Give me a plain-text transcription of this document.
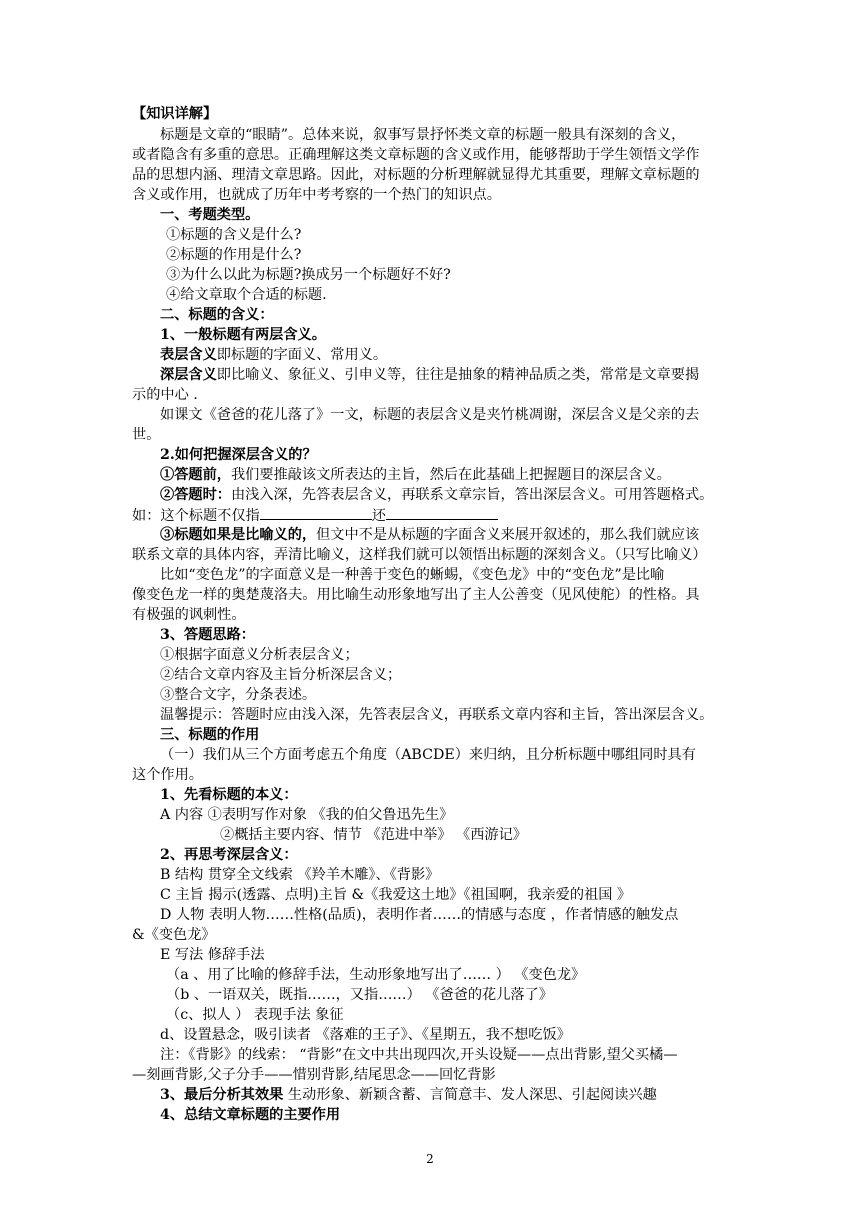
【知识详解】
标题是文章的“眼睛”。总体来说，叙事写景抒怀类文章的标题一般具有深刻的含义，
或者隐含有多重的意思。正确理解这类文章标题的含义或作用，能够帮助于学生领悟文学作
品的思想内涵、理清文章思路。因此，对标题的分析理解就显得尤其重要，理解文章标题的
含义或作用，也就成了历年中考考察的一个热门的知识点。
一、考题类型。
①标题的含义是什么?
②标题的作用是什么?
③为什么以此为标题?换成另一个标题好不好?
④给文章取个合适的标题.
二、标题的含义：
1、一般标题有两层含义。
表层含义即标题的字面义、常用义。
深层含义即比喻义、象征义、引申义等，往往是抽象的精神品质之类，常常是文章要揭
示的中心 .
如课文《爸爸的花儿落了》一文，标题的表层含义是夹竹桃凋谢，深层含义是父亲的去
世。
2.如何把握深层含义的？
①答题前，我们要推敲该文所表达的主旨，然后在此基础上把握题目的深层含义。
②答题时：由浅入深，先答表层含义，再联系文章宗旨，答出深层含义。可用答题格式。
如：这个标题不仅指	还
③标题如果是比喻义的，但文中不是从标题的字面含义来展开叙述的，那么我们就应该
联系文章的具体内容，弄清比喻义，这样我们就可以领悟出标题的深刻含义。（只写比喻义）
比如“变色龙”的字面意义是一种善于变色的蜥蜴，《变色龙》中的“变色龙”是比喻
像变色龙一样的奥楚蔑洛夫。用比喻生动形象地写出了主人公善变（见风使舵）的性格。具
有极强的讽刺性。
3、答题思路：
①根据字面意义分析表层含义；
②结合文章内容及主旨分析深层含义；
③整合文字，分条表述。
温馨提示：答题时应由浅入深，先答表层含义，再联系文章内容和主旨，答出深层含义。
三、标题的作用
（一）我们从三个方面考虑五个角度（ABCDE）来归纳，且分析标题中哪组同时具有
这个作用。
1、先看标题的本义：
A 内容 ①表明写作对象 《我的伯父鲁迅先生》
②概括主要内容、情节 《范进中举》 《西游记》
2、再思考深层含义：
B 结构 贯穿全文线索 《羚羊木雕》、《背影》
C 主旨 揭示(透露、点明)主旨 &《我爱这土地》《祖国啊，我亲爱的祖国 》
D 人物 表明人物……性格(品质)，表明作者……的情感与态度 ，作者情感的触发点
&《变色龙》
E 写法 修辞手法
（a 、用了比喻的修辞手法，生动形象地写出了…… ） 《变色龙》
（b 、一语双关，既指……，又指……） 《爸爸的花儿落了》
（c、拟人 ） 表现手法 象征
d、设置悬念，吸引读者 《落难的王子》、《星期五，我不想吃饭》
注：《背影》的线索： “背影”在文中共出现四次,开头设疑——点出背影,望父买橘—
—刻画背影,父子分手——惜别背影,结尾思念——回忆背影
3、最后分析其效果 生动形象、新颖含蓄、言简意丰、发人深思、引起阅读兴趣
4、总结文章标题的主要作用
2
